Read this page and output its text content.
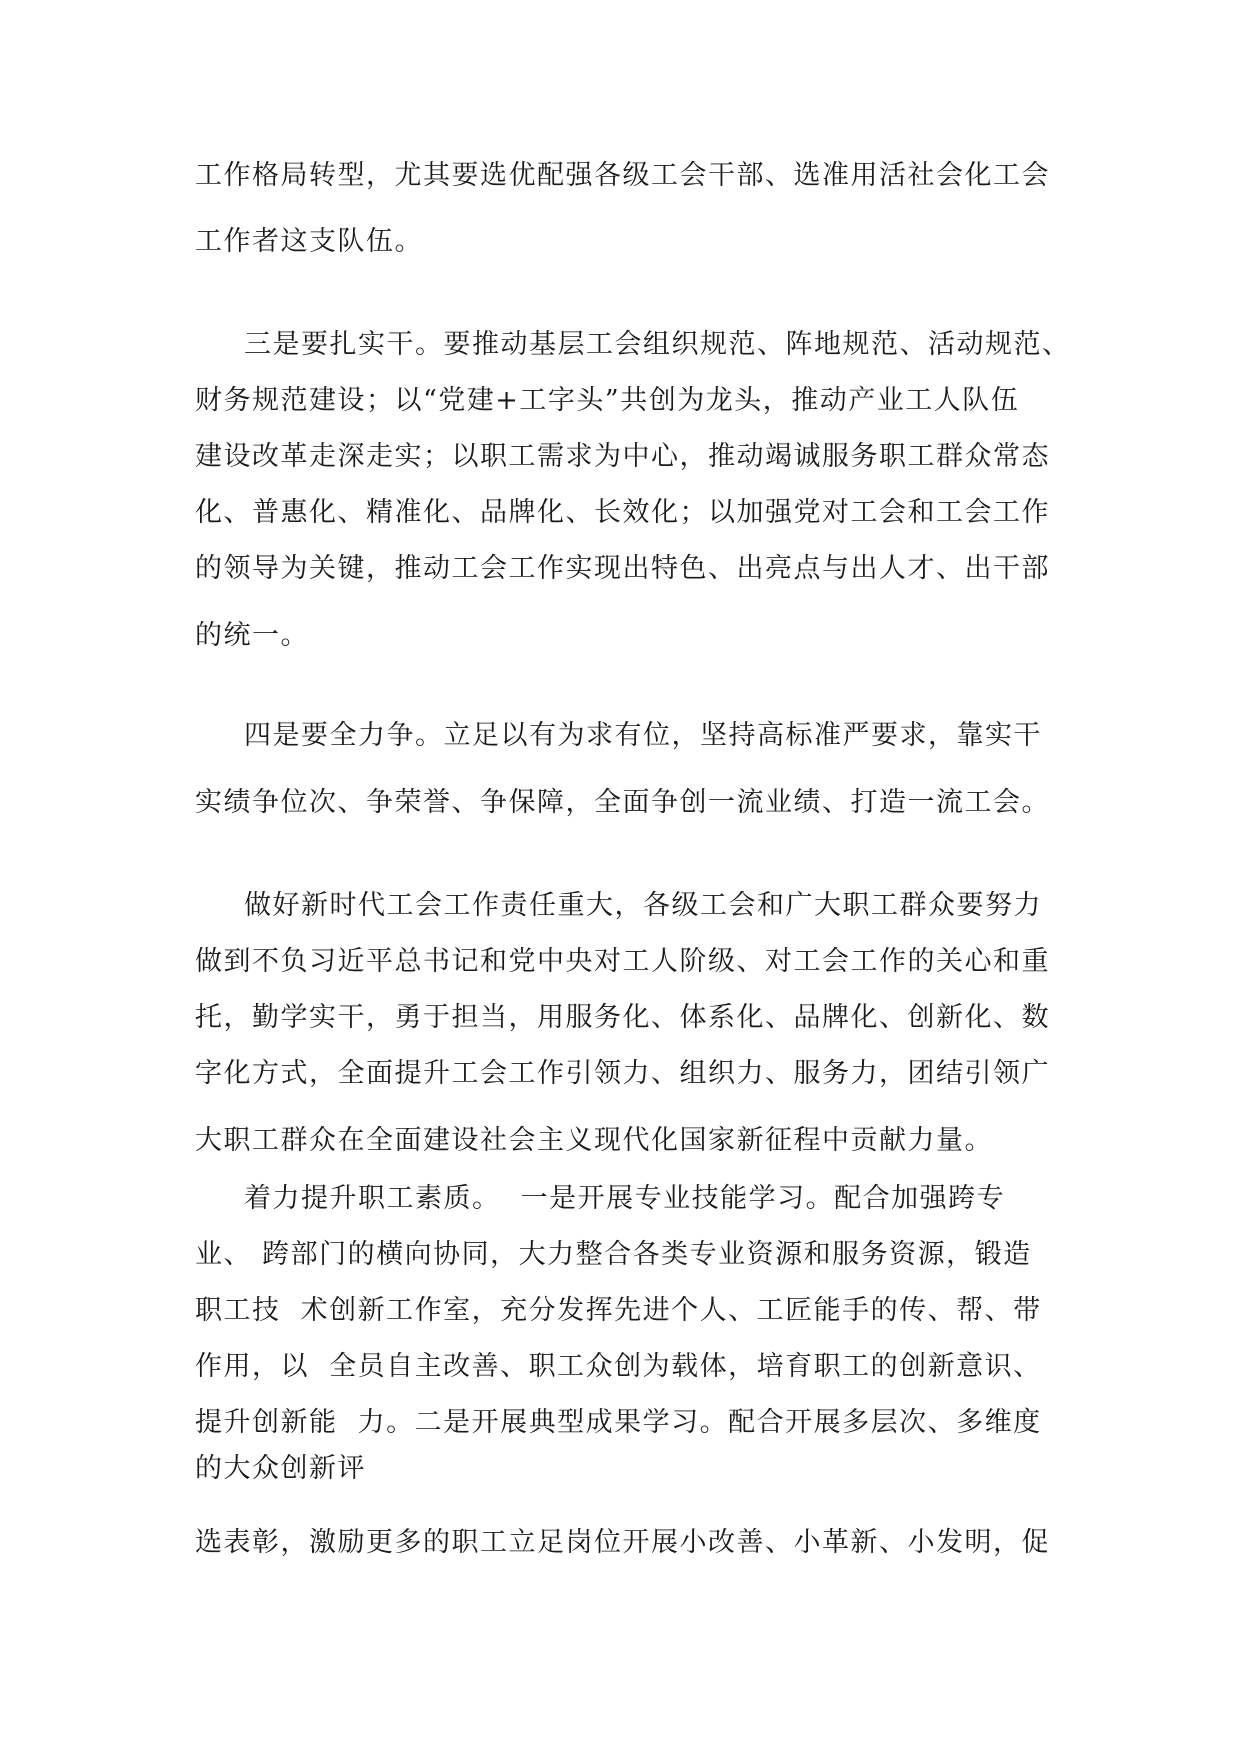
工作格局转型，尤其要选优配强各级工会干部、选准用活社会化工会

工作者这支队伍。

三是要扎实干。要推动基层工会组织规范、阵地规范、活动规范、

财务规范建设；以“党建+工字头”共创为龙头，推动产业工人队伍

建设改革走深走实；以职工需求为中心，推动竭诚服务职工群众常态

化、普惠化、精准化、品牌化、长效化；以加强党对工会和工会工作

的领导为关键，推动工会工作实现出特色、出亮点与出人才、出干部

的统一。

四是要全力争。立足以有为求有位，坚持高标准严要求，靠实干

实绩争位次、争荣誉、争保障，全面争创一流业绩、打造一流工会。

做好新时代工会工作责任重大，各级工会和广大职工群众要努力

做到不负习近平总书记和党中央对工人阶级、对工会工作的关心和重

托，勤学实干，勇于担当，用服务化、体系化、品牌化、创新化、数

字化方式，全面提升工会工作引领力、组织力、服务力，团结引领广

大职工群众在全面建设社会主义现代化国家新征程中贡献力量。

着力提升职工素质。  一是开展专业技能学习。配合加强跨专

业、 跨部门的横向协同，大力整合各类专业资源和服务资源，锻造

职工技  术创新工作室，充分发挥先进个人、工匠能手的传、帮、带

作用，以  全员自主改善、职工众创为载体，培育职工的创新意识、

提升创新能  力。二是开展典型成果学习。配合开展多层次、多维度

的大众创新评

选表彰，激励更多的职工立足岗位开展小改善、小革新、小发明，促
